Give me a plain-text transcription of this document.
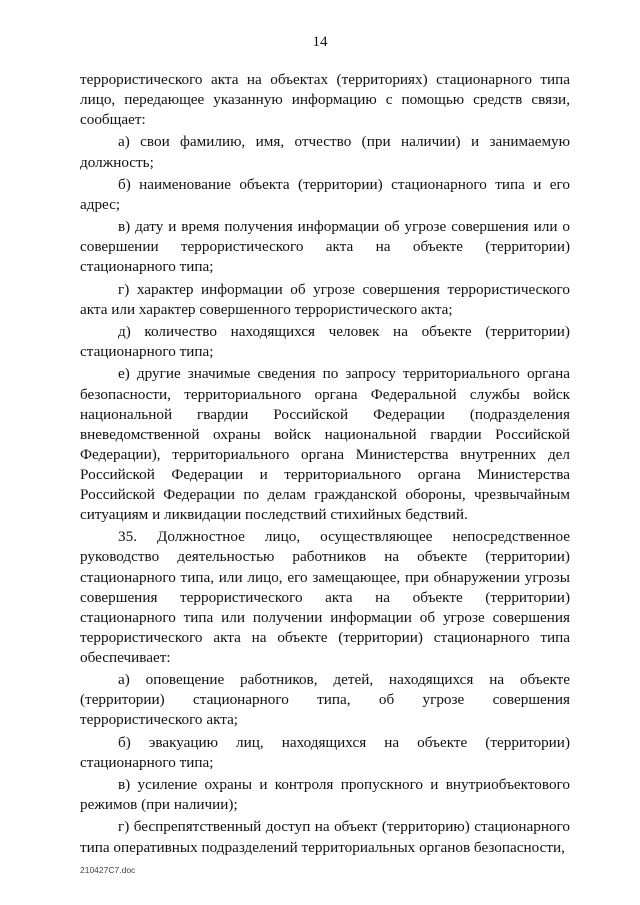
14

террористического акта на объектах (территориях) стационарного типа лицо, передающее указанную информацию с помощью средств связи, сообщает:

а) свои фамилию, имя, отчество (при наличии) и занимаемую должность;

б) наименование объекта (территории) стационарного типа и его адрес;

в) дату и время получения информации об угрозе совершения или о совершении террористического акта на объекте (территории) стационарного типа;

г) характер информации об угрозе совершения террористического акта или характер совершенного террористического акта;

д) количество находящихся человек на объекте (территории) стационарного типа;

е) другие значимые сведения по запросу территориального органа безопасности, территориального органа Федеральной службы войск национальной гвардии Российской Федерации (подразделения вневедомственной охраны войск национальной гвардии Российской Федерации), территориального органа Министерства внутренних дел Российской Федерации и территориального органа Министерства Российской Федерации по делам гражданской обороны, чрезвычайным ситуациям и ликвидации последствий стихийных бедствий.

35. Должностное лицо, осуществляющее непосредственное руководство деятельностью работников на объекте (территории) стационарного типа, или лицо, его замещающее, при обнаружении угрозы совершения террористического акта на объекте (территории) стационарного типа или получении информации об угрозе совершения террористического акта на объекте (территории) стационарного типа обеспечивает:

а) оповещение работников, детей, находящихся на объекте (территории) стационарного типа, об угрозе совершения террористического акта;

б) эвакуацию лиц, находящихся на объекте (территории) стационарного типа;

в) усиление охраны и контроля пропускного и внутриобъектового режимов (при наличии);

г) беспрепятственный доступ на объект (территорию) стационарного типа оперативных подразделений территориальных органов безопасности,

210427С7.doc
